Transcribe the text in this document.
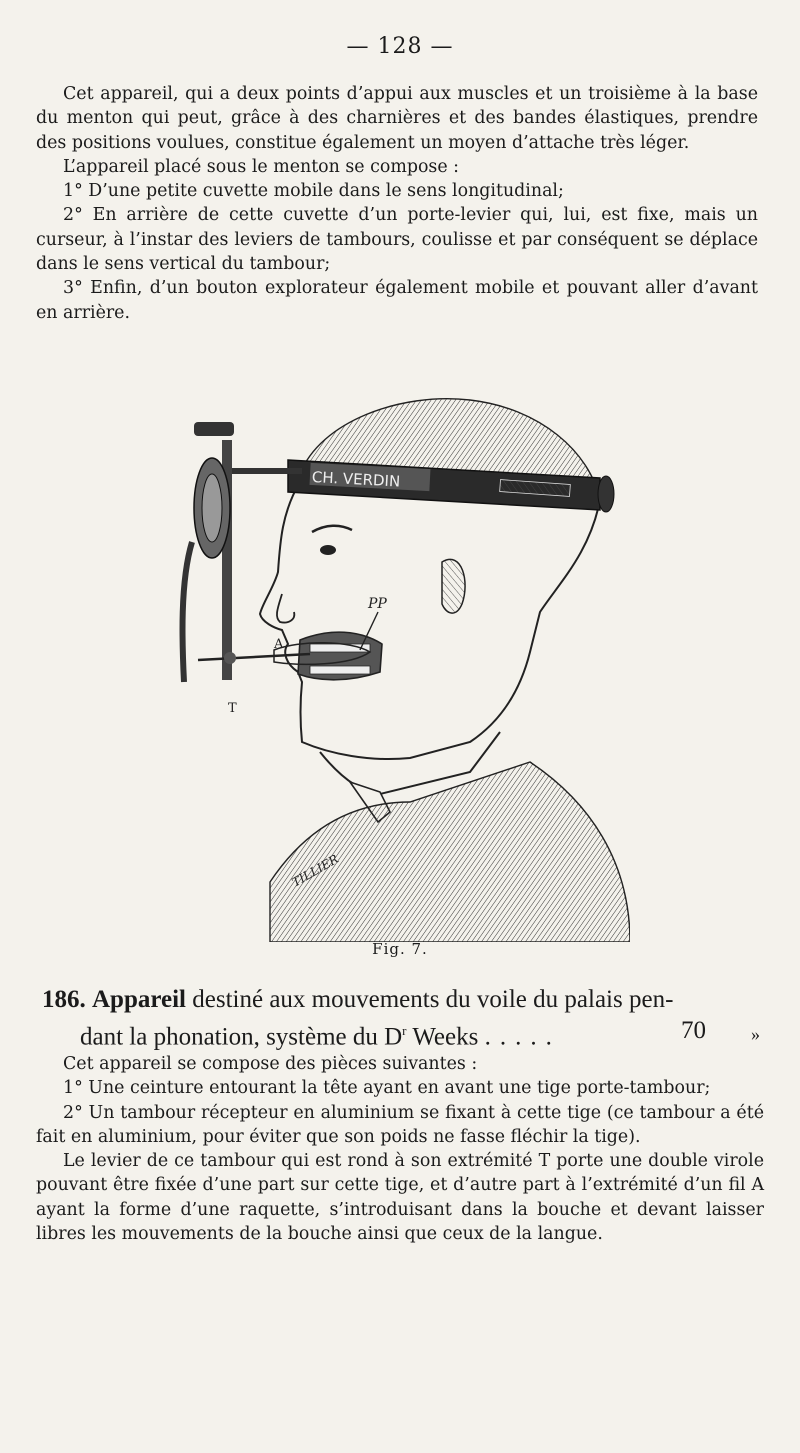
— 128 —

Cet appareil, qui a deux points d’appui aux muscles et un troisième à la base du menton qui peut, grâce à des charnières et des bandes élastiques, prendre des positions voulues, constitue également un moyen d’attache très léger.

L’appareil placé sous le menton se compose :

1° D’une petite cuvette mobile dans le sens longitudinal;

2° En arrière de cette cuvette d’un porte-levier qui, lui, est fixe, mais un curseur, à l’instar des leviers de tambours, coulisse et par conséquent se déplace dans le sens vertical du tambour;

3° Enfin, d’un bouton explorateur également mobile et pouvant aller d’avant en arrière.

CH. VERDIN
TILLIER
PP
A
T
Fig. 7.
186. Appareil destiné aux mouvements du voile du palais pen-
dant la phonation, système du $D^r$ Weeks .....	70	»

Cet appareil se compose des pièces suivantes :

1° Une ceinture entourant la tête ayant en avant une tige porte-tambour;

2° Un tambour récepteur en aluminium se fixant à cette tige (ce tambour a été fait en aluminium, pour éviter que son poids ne fasse fléchir la tige).

Le levier de ce tambour qui est rond à son extrémité T porte une double virole pouvant être fixée d’une part sur cette tige, et d’autre part à l’extrémité d’un fil A ayant la forme d’une raquette, s’introduisant dans la bouche et devant laisser libres les mouvements de la bouche ainsi que ceux de la langue.
